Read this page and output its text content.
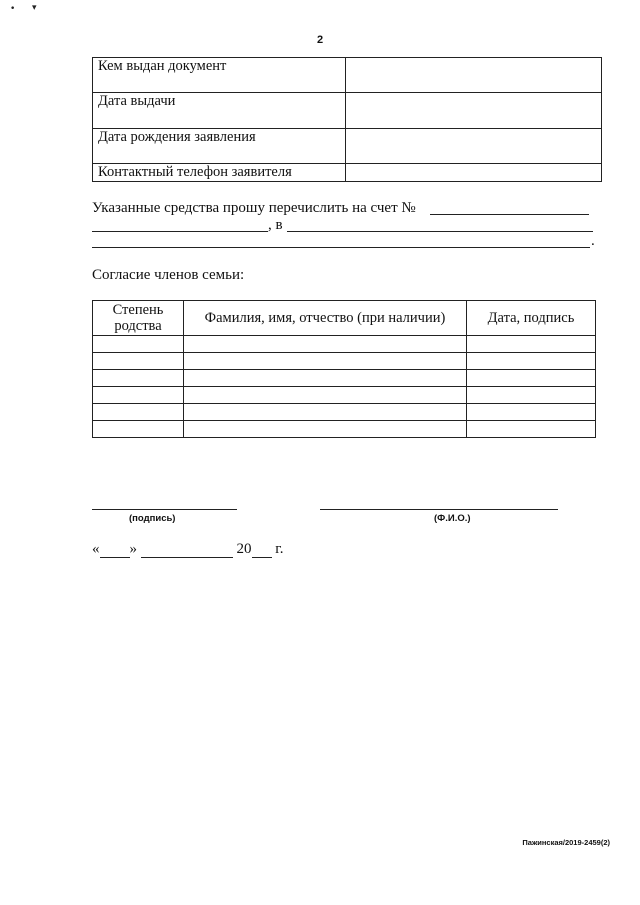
• ▾
2
Кем выдан документ	
Дата выдачи	
Дата рождения заявления	
Контактный телефон заявителя	
Указанные средства прошу перечислить на счет №
, в
.
Согласие членов семьи:
Степень родства	Фамилия, имя, отчество (при наличии)	Дата, подпись

(подпись)	(Ф.И.О.)
« »	20 г.
Пажинская/2019-2459(2)
